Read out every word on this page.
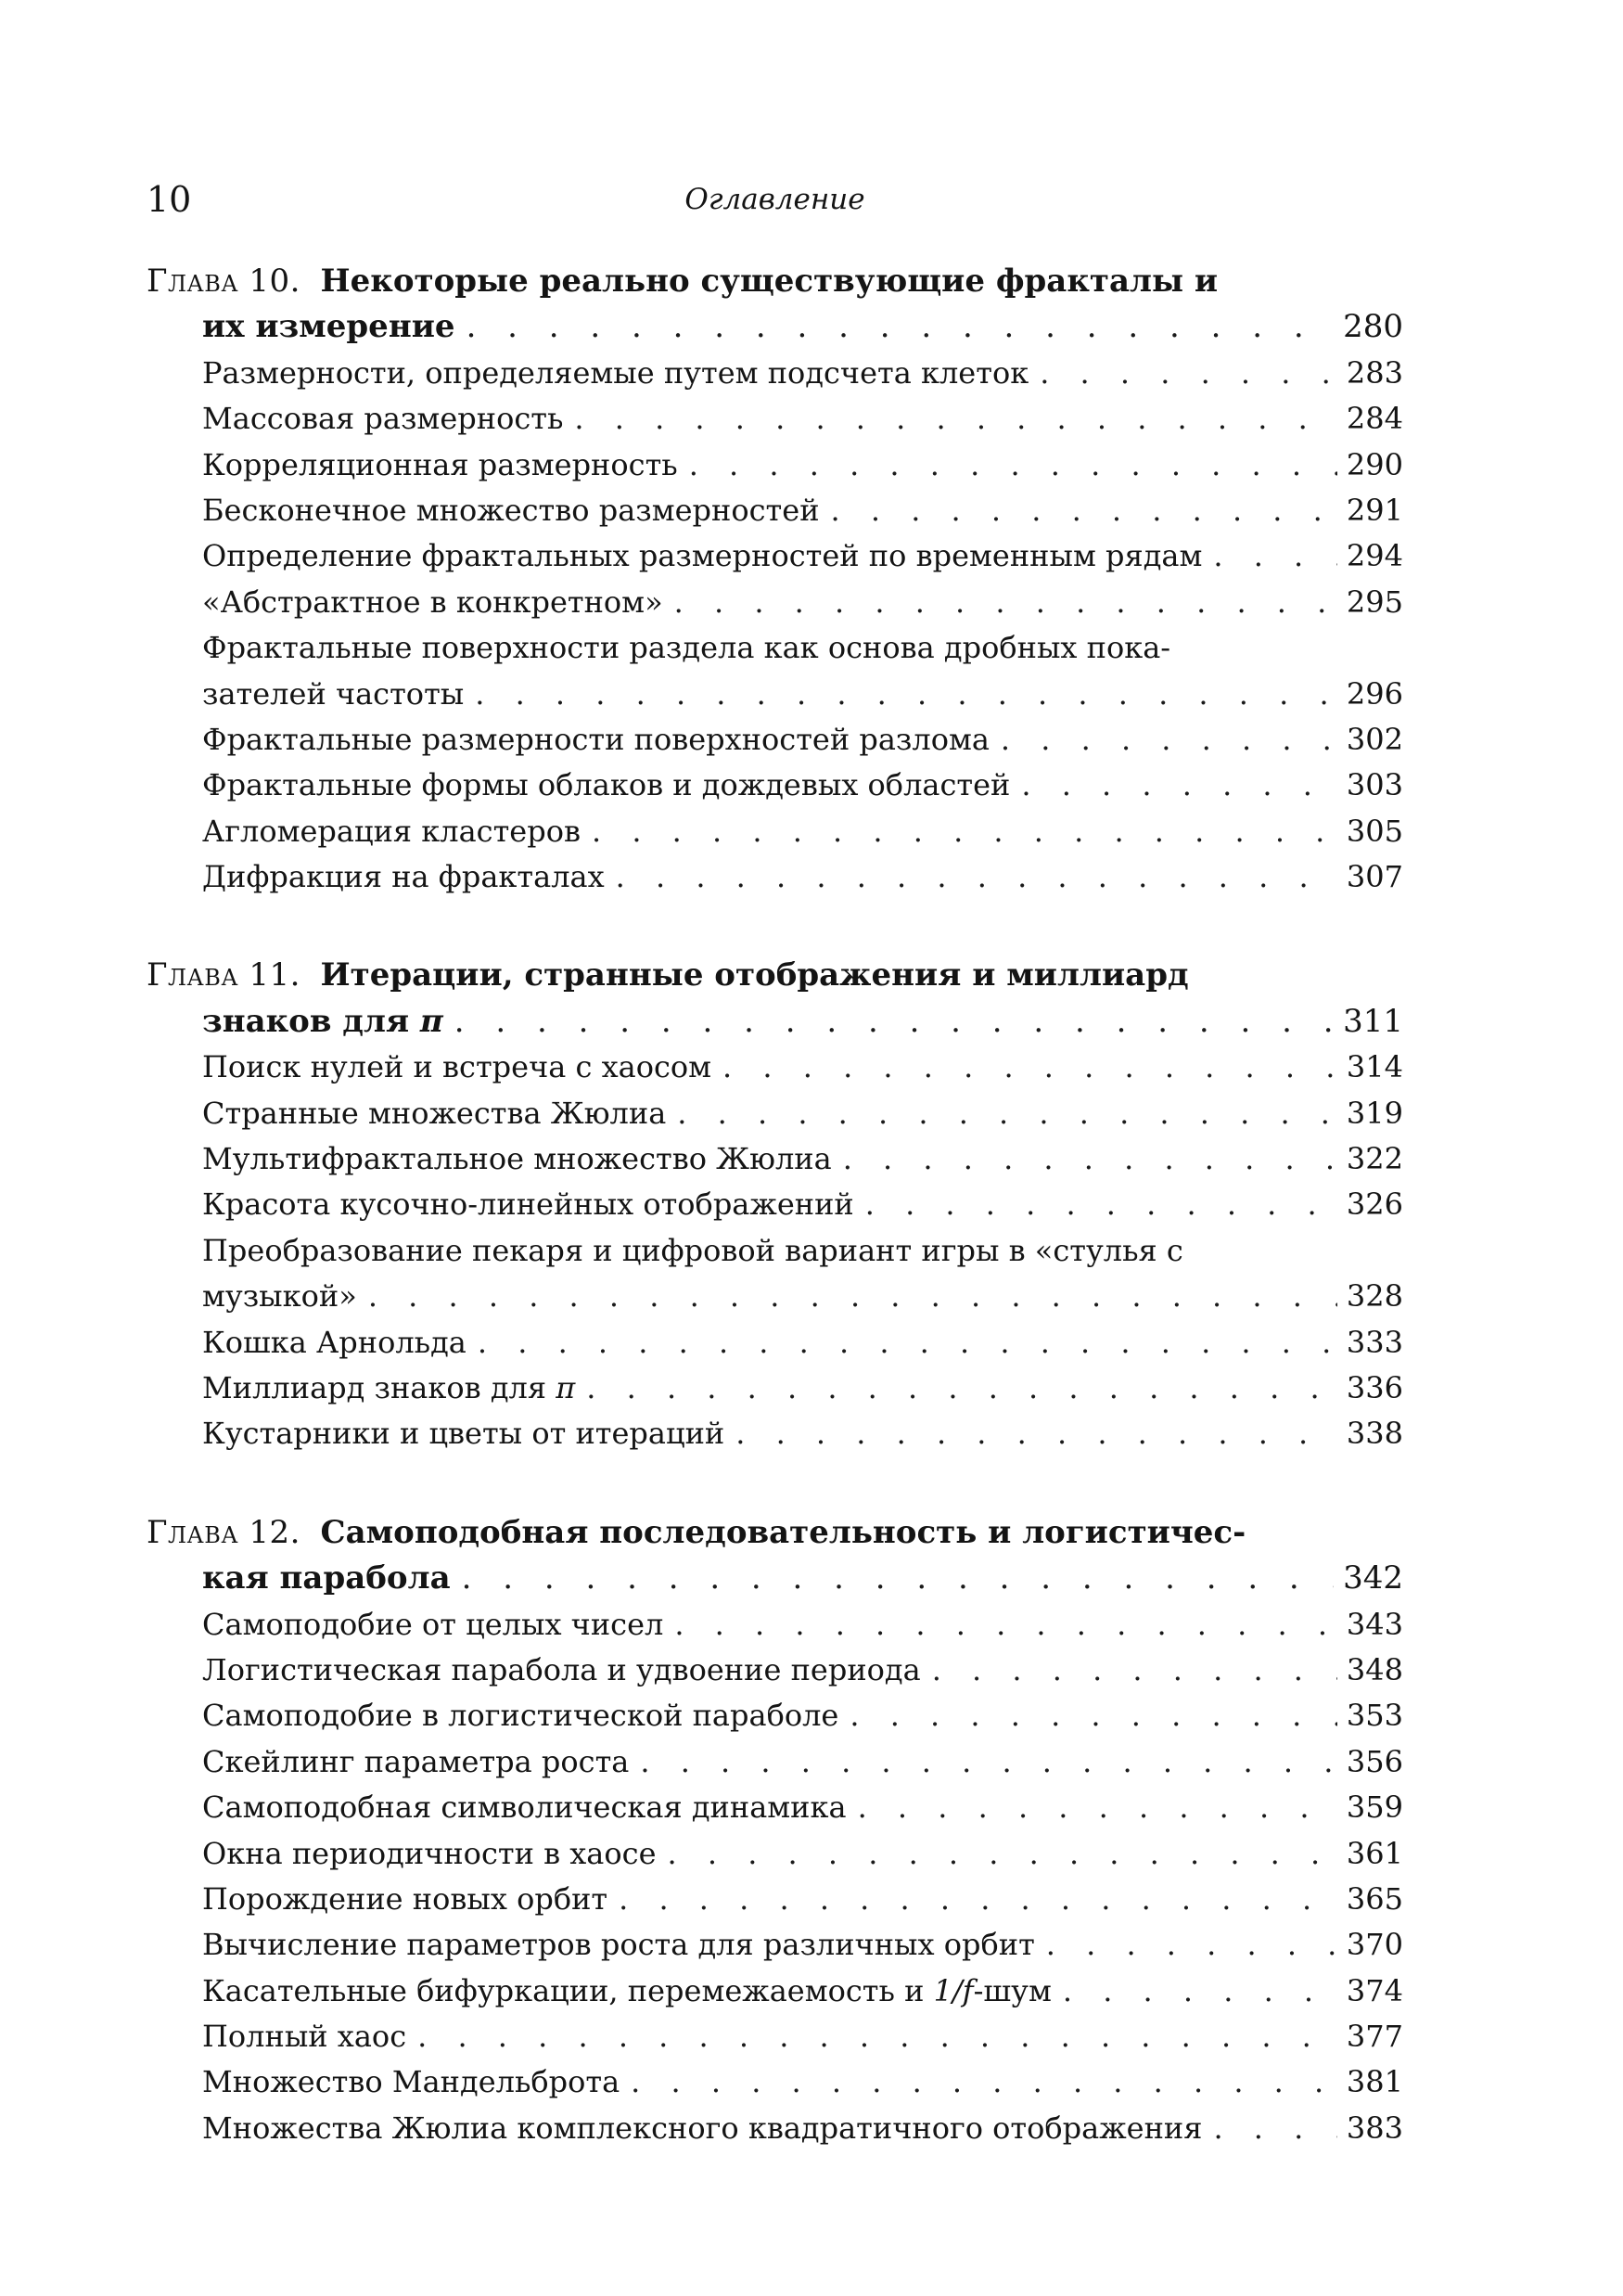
10	Оглавление
Глава 10.
Некоторые реально существующие фракталы и
их измерение . . .	280
Размерности, определяемые путем подсчета клеток . . .	283
Массовая размерность . . .	284
Корреляционная размерность . . .	290
Бесконечное множество размерностей . . .	291
Определение фрактальных размерностей по временным рядам . . .	294
«Абстрактное в конкретном» . . .	295
Фрактальные поверхности раздела как основа дробных пока-
зателей частоты . . .	296
Фрактальные размерности поверхностей разлома . . .	302
Фрактальные формы облаков и дождевых областей . . .	303
Агломерация кластеров . . .	305
Дифракция на фракталах . . .	307
Глава 11.
Итерации, странные отображения и миллиард
знаков для π . . .	311
Поиск нулей и встреча с хаосом . . .	314
Странные множества Жюлиа . . .	319
Мультифрактальное множество Жюлиа . . .	322
Красота кусочно-линейных отображений . . .	326
Преобразование пекаря и цифровой вариант игры в «стулья с
музыкой» . . .	328
Кошка Арнольда . . .	333
Миллиард знаков для π . . .	336
Кустарники и цветы от итераций . . .	338
Глава 12.
Самоподобная последовательность и логистичес-
кая парабола . . .	342
Самоподобие от целых чисел . . .	343
Логистическая парабола и удвоение периода . . .	348
Самоподобие в логистической параболе . . .	353
Скейлинг параметра роста . . .	356
Самоподобная символическая динамика . . .	359
Окна периодичности в хаосе . . .	361
Порождение новых орбит . . .	365
Вычисление параметров роста для различных орбит . . .	370
Касательные бифуркации, перемежаемость и 1/f-шум . . .	374
Полный хаос . . .	377
Множество Мандельброта . . .	381
Множества Жюлиа комплексного квадратичного отображения . . .	383
